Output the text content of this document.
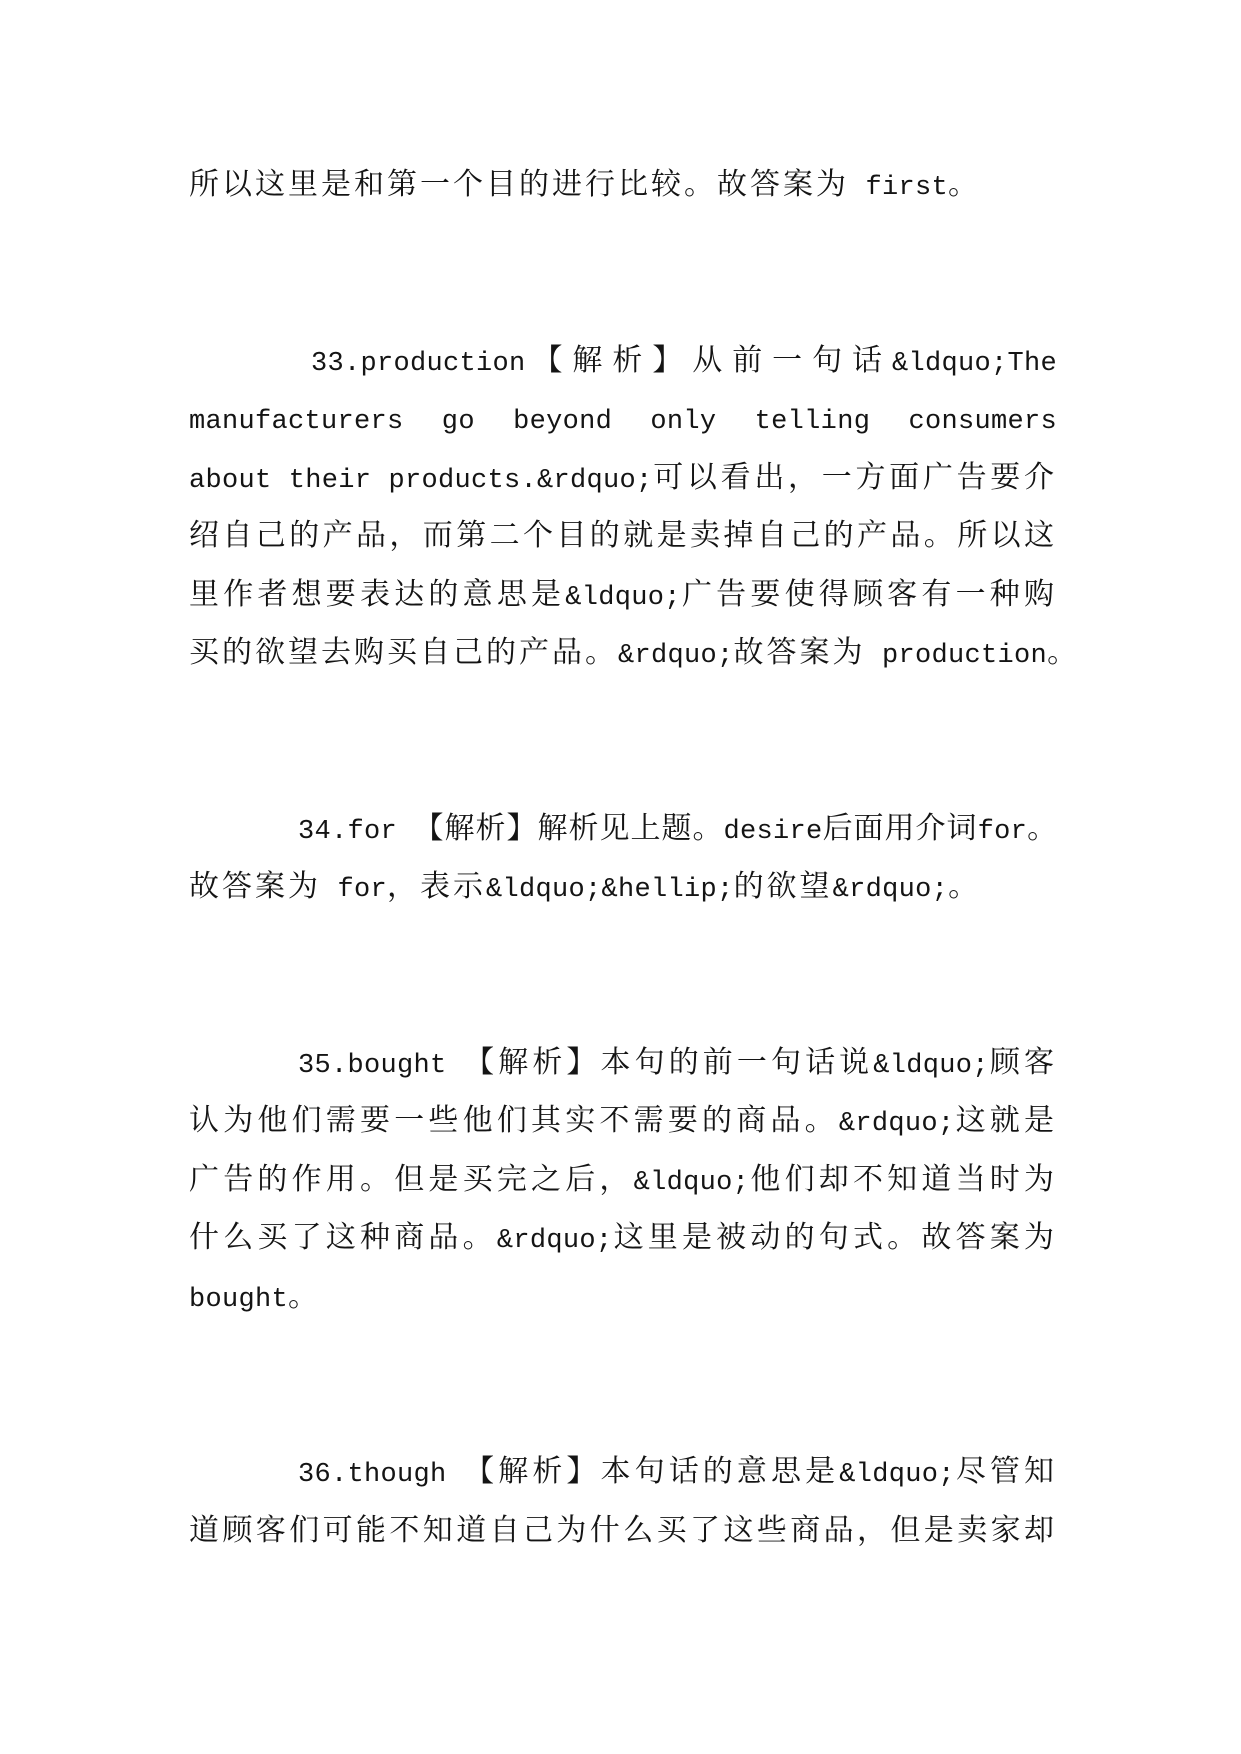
所以这里是和第一个目的进行比较。故答案为 first。
33.production【解析】从前一句话&ldquo;The
manufacturers go beyond only telling consumers
about their products.&rdquo;可以看出，一方面广告要介
绍自己的产品，而第二个目的就是卖掉自己的产品。所以这
里作者想要表达的意思是&ldquo;广告要使得顾客有一种购
买的欲望去购买自己的产品。&rdquo;故答案为 production。
34.for 【解析】解析见上题。desire后面用介词for。
故答案为 for，表示&ldquo;&hellip;的欲望&rdquo;。
35.bought 【解析】本句的前一句话说&ldquo;顾客
认为他们需要一些他们其实不需要的商品。&rdquo;这就是
广告的作用。但是买完之后，&ldquo;他们却不知道当时为
什么买了这种商品。&rdquo;这里是被动的句式。故答案为
bought。
36.though 【解析】本句话的意思是&ldquo;尽管知
道顾客们可能不知道自己为什么买了这些商品，但是卖家却
